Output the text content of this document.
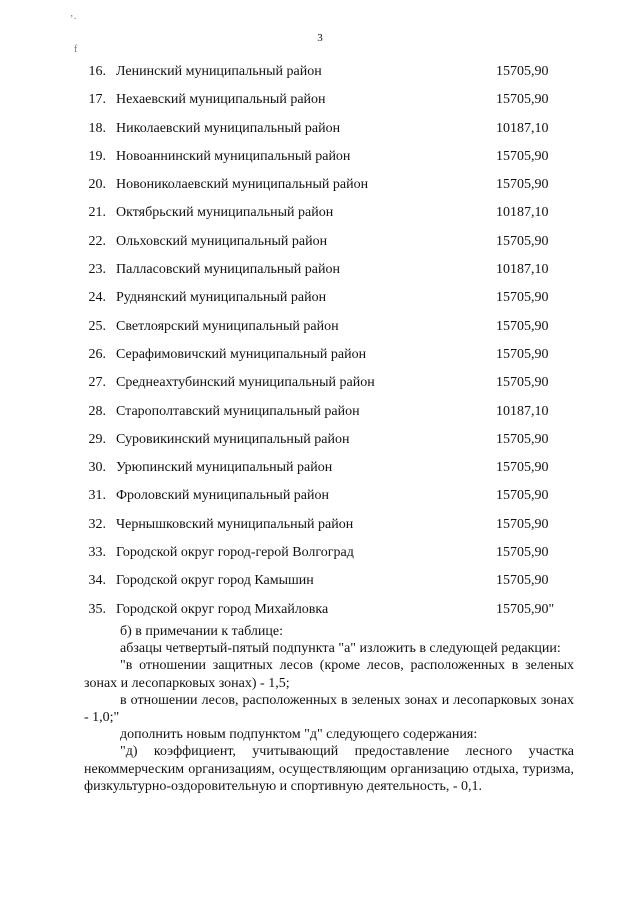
ʼ·
f
3
16. Ленинский муниципальный район	15705,90
17. Нехаевский муниципальный район	15705,90
18. Николаевский муниципальный район	10187,10
19. Новоаннинский муниципальный район	15705,90
20. Новониколаевский муниципальный район	15705,90
21. Октябрьский муниципальный район	10187,10
22. Ольховский муниципальный район	15705,90
23. Палласовский муниципальный район	10187,10
24. Руднянский муниципальный район	15705,90
25. Светлоярский муниципальный район	15705,90
26. Серафимовичский муниципальный район	15705,90
27. Среднеахтубинский муниципальный район	15705,90
28. Старополтавский муниципальный район	10187,10
29. Суровикинский муниципальный район	15705,90
30. Урюпинский муниципальный район	15705,90
31. Фроловский муниципальный район	15705,90
32. Чернышковский муниципальный район	15705,90
33. Городской округ город-герой Волгоград	15705,90
34. Городской округ город Камышин	15705,90
35. Городской округ город Михайловка	15705,90"

б) в примечании к таблице:

абзацы четвертый-пятый подпункта "а" изложить в следующей редакции:

"в отношении защитных лесов (кроме лесов, расположенных в зеленых зонах и лесопарковых зонах) - 1,5;

в отношении лесов, расположенных в зеленых зонах и лесопарковых зонах - 1,0;"

дополнить новым подпунктом "д" следующего содержания:

"д) коэффициент, учитывающий предоставление лесного участка некоммерческим организациям, осуществляющим организацию отдыха, туризма, физкультурно-оздоровительную и спортивную деятельность, - 0,1.
